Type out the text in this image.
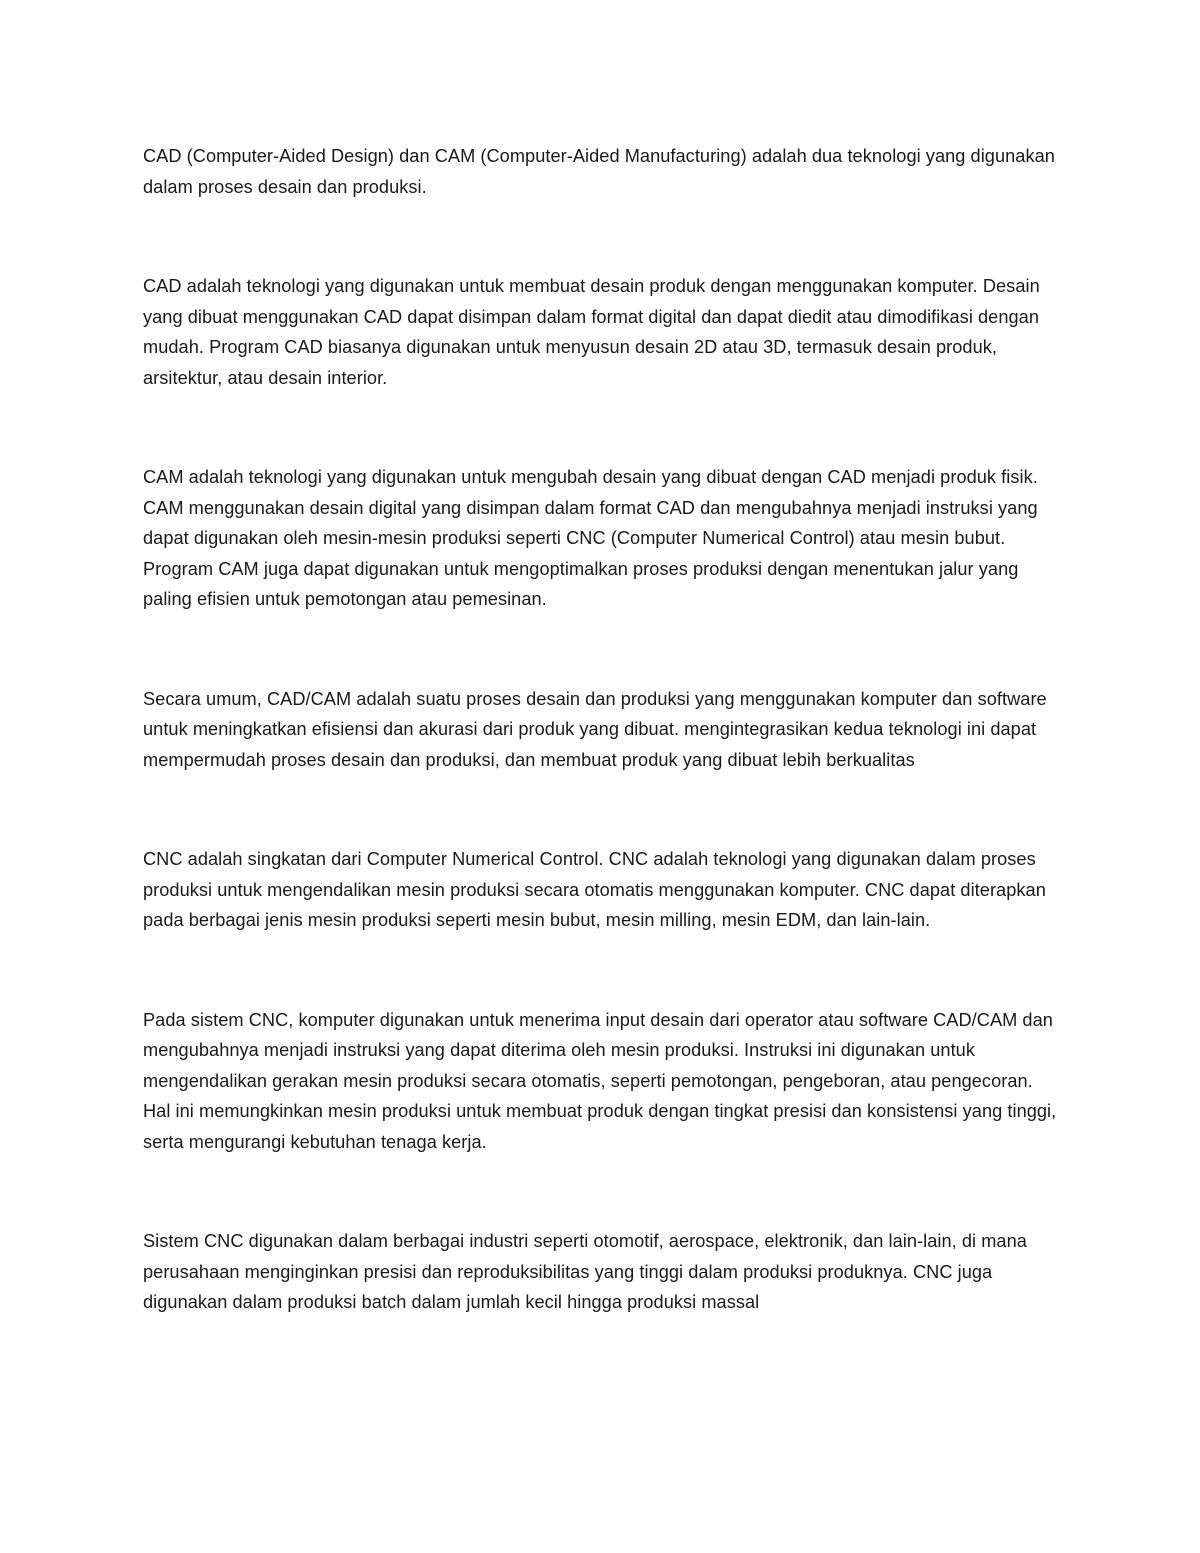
CAD (Computer-Aided Design) dan CAM (Computer-Aided Manufacturing) adalah dua teknologi yang digunakan dalam proses desain dan produksi.

CAD adalah teknologi yang digunakan untuk membuat desain produk dengan menggunakan komputer. Desain yang dibuat menggunakan CAD dapat disimpan dalam format digital dan dapat diedit atau dimodifikasi dengan mudah. Program CAD biasanya digunakan untuk menyusun desain 2D atau 3D, termasuk desain produk, arsitektur, atau desain interior.

CAM adalah teknologi yang digunakan untuk mengubah desain yang dibuat dengan CAD menjadi produk fisik. CAM menggunakan desain digital yang disimpan dalam format CAD dan mengubahnya menjadi instruksi yang dapat digunakan oleh mesin-mesin produksi seperti CNC (Computer Numerical Control) atau mesin bubut. Program CAM juga dapat digunakan untuk mengoptimalkan proses produksi dengan menentukan jalur yang paling efisien untuk pemotongan atau pemesinan.

Secara umum, CAD/CAM adalah suatu proses desain dan produksi yang menggunakan komputer dan software untuk meningkatkan efisiensi dan akurasi dari produk yang dibuat. mengintegrasikan kedua teknologi ini dapat mempermudah proses desain dan produksi, dan membuat produk yang dibuat lebih berkualitas

CNC adalah singkatan dari Computer Numerical Control. CNC adalah teknologi yang digunakan dalam proses produksi untuk mengendalikan mesin produksi secara otomatis menggunakan komputer. CNC dapat diterapkan pada berbagai jenis mesin produksi seperti mesin bubut, mesin milling, mesin EDM, dan lain-lain.

Pada sistem CNC, komputer digunakan untuk menerima input desain dari operator atau software CAD/CAM dan mengubahnya menjadi instruksi yang dapat diterima oleh mesin produksi. Instruksi ini digunakan untuk mengendalikan gerakan mesin produksi secara otomatis, seperti pemotongan, pengeboran, atau pengecoran. Hal ini memungkinkan mesin produksi untuk membuat produk dengan tingkat presisi dan konsistensi yang tinggi, serta mengurangi kebutuhan tenaga kerja.

Sistem CNC digunakan dalam berbagai industri seperti otomotif, aerospace, elektronik, dan lain-lain, di mana perusahaan menginginkan presisi dan reproduksibilitas yang tinggi dalam produksi produknya. CNC juga digunakan dalam produksi batch dalam jumlah kecil hingga produksi massal
